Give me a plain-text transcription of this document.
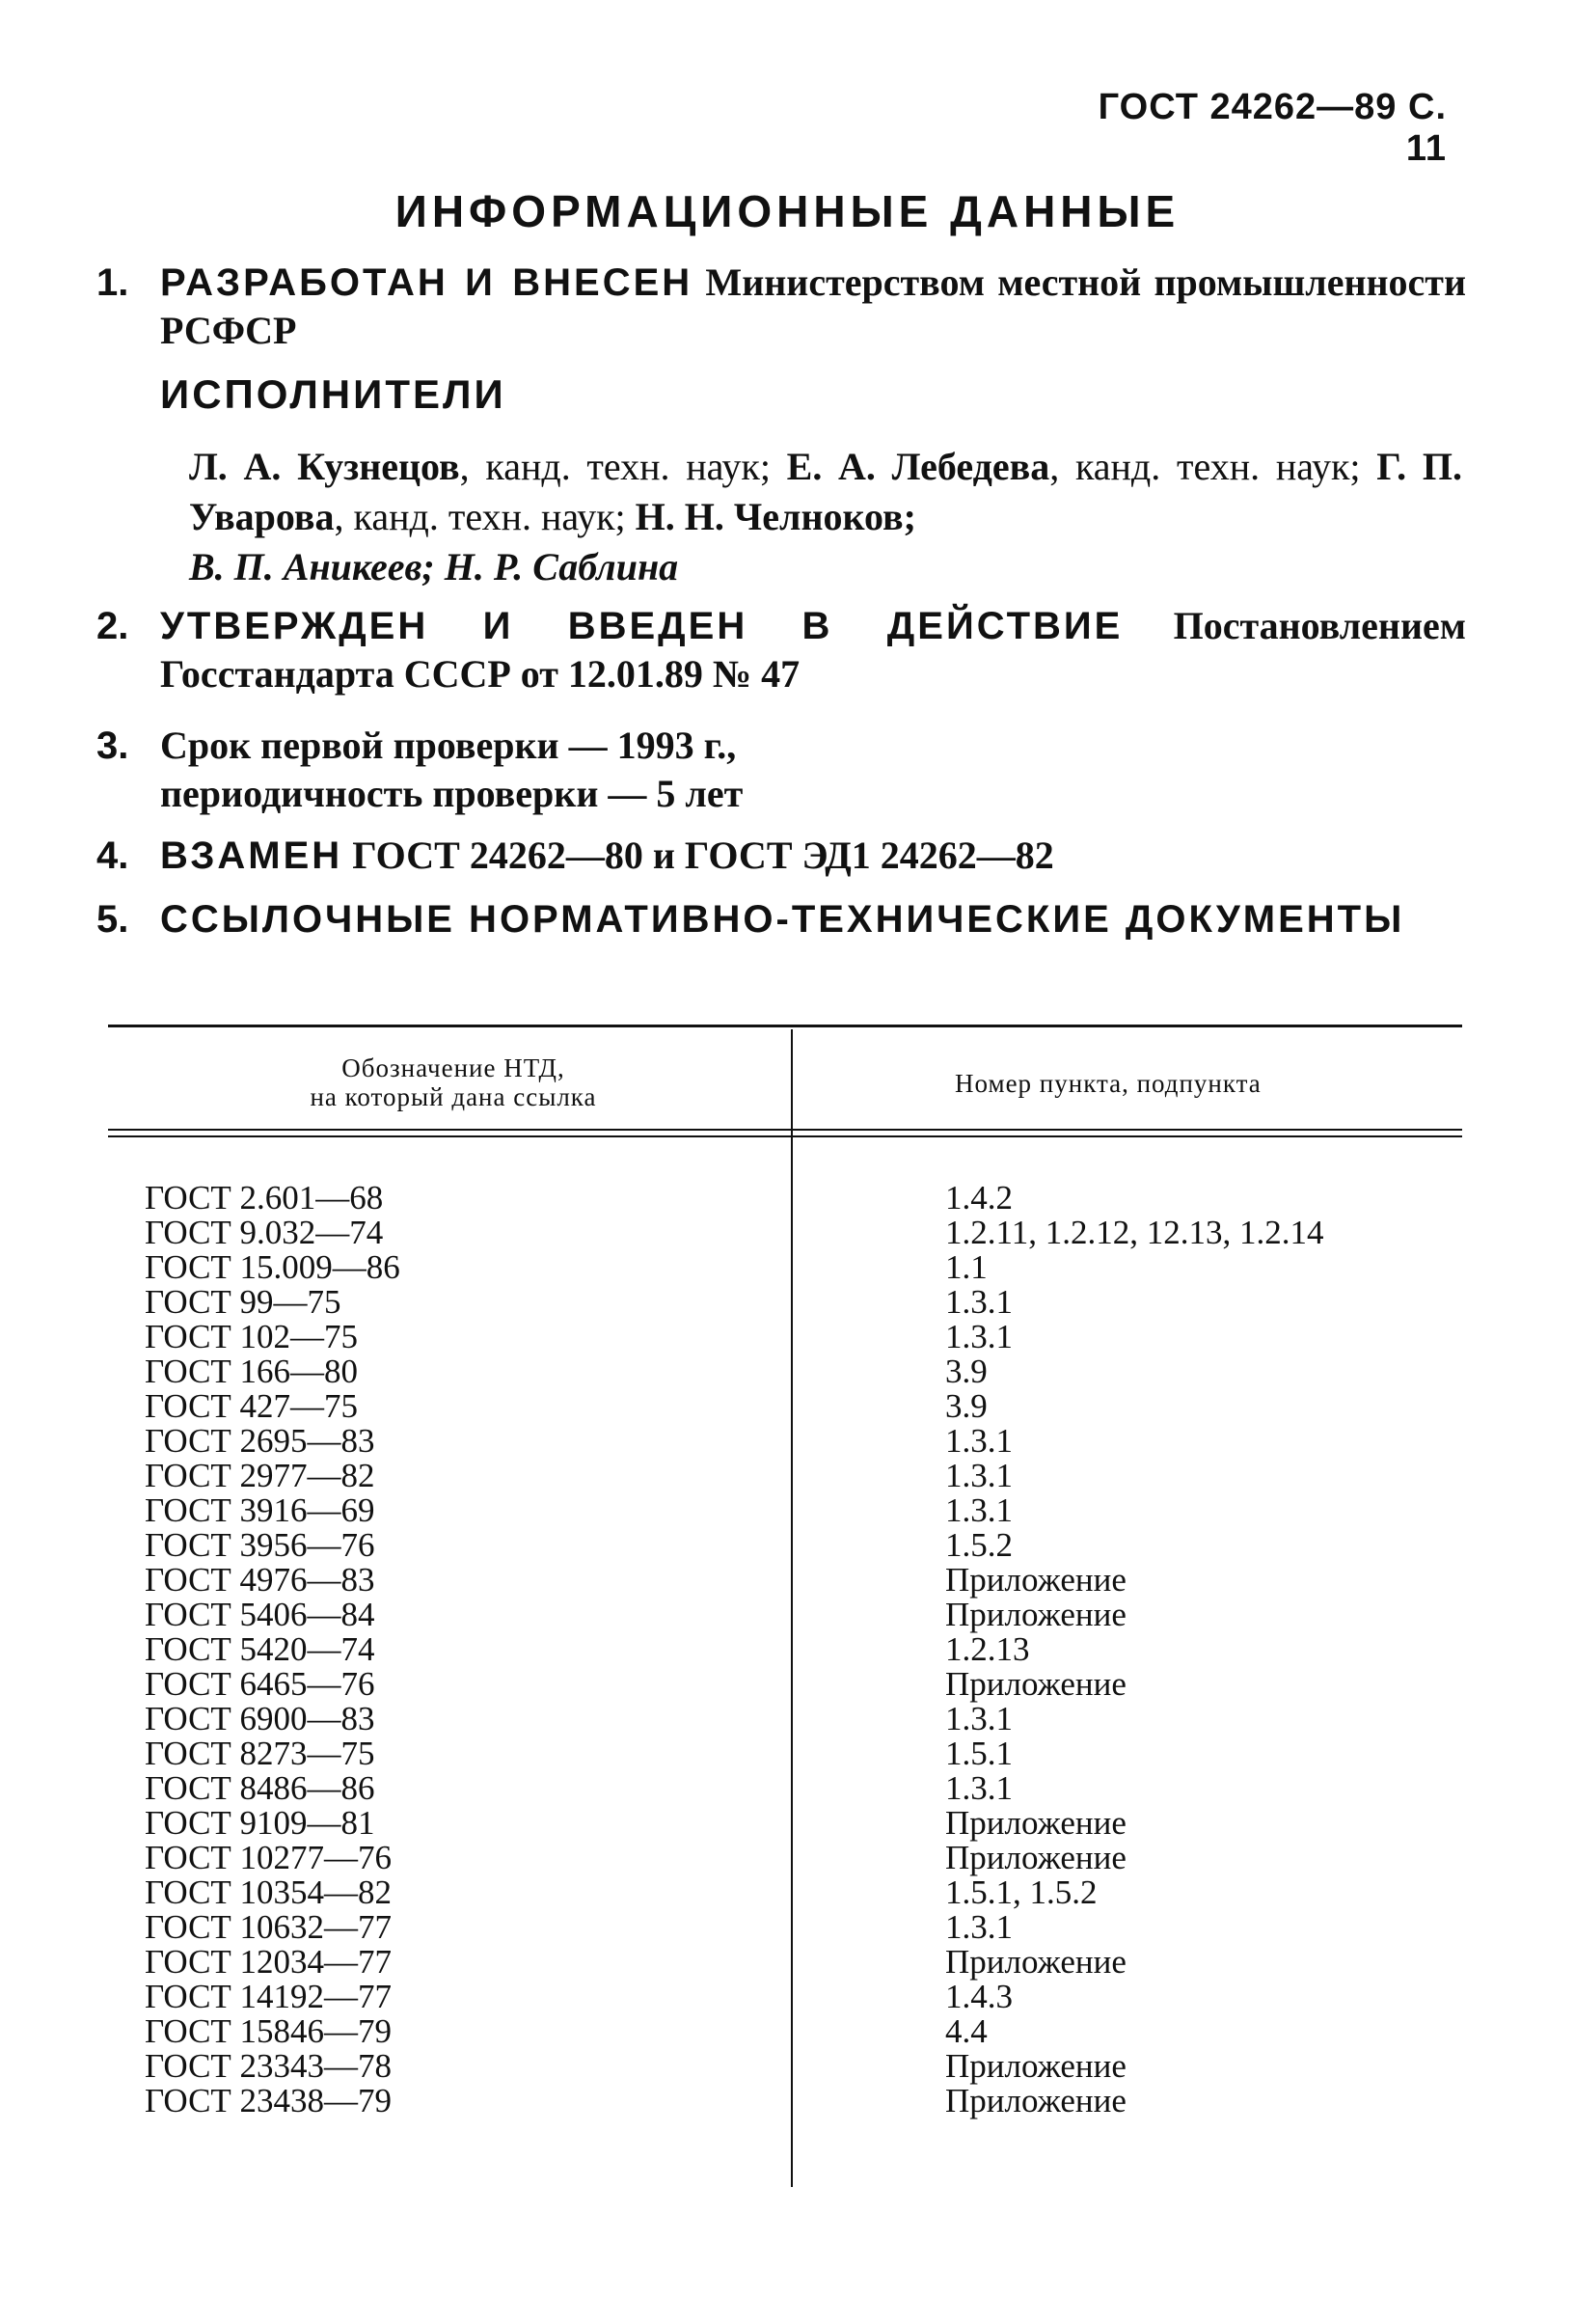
ГОСТ 24262—89 С. 11
ИНФОРМАЦИОННЫЕ ДАННЫЕ
1. РАЗРАБОТАН И ВНЕСЕН Министерством местной промышленности РСФСР
ИСПОЛНИТЕЛИ
Л. А. Кузнецов, канд. техн. наук; Е. А. Лебедева, канд. техн. наук; Г. П. Уварова, канд. техн. наук; Н. Н. Челноков;
В. П. Аникеев; Н. Р. Саблина
2. УТВЕРЖДЕН И ВВЕДЕН В ДЕЙСТВИЕ Постановлением Госстандарта СССР от 12.01.89 № 47
3. Срок первой проверки — 1993 г.,
периодичность проверки — 5 лет
4. ВЗАМЕН ГОСТ 24262—80 и ГОСТ ЭД1 24262—82
5. ССЫЛОЧНЫЕ НОРМАТИВНО-ТЕХНИЧЕСКИЕ ДОКУМЕНТЫ
Обозначение НТД,
на который дана ссылка	Номер пункта, подпункта
ГОСТ 2.601—68
ГОСТ 9.032—74
ГОСТ 15.009—86
ГОСТ 99—75
ГОСТ 102—75
ГОСТ 166—80
ГОСТ 427—75
ГОСТ 2695—83
ГОСТ 2977—82
ГОСТ 3916—69
ГОСТ 3956—76
ГОСТ 4976—83
ГОСТ 5406—84
ГОСТ 5420—74
ГОСТ 6465—76
ГОСТ 6900—83
ГОСТ 8273—75
ГОСТ 8486—86
ГОСТ 9109—81
ГОСТ 10277—76
ГОСТ 10354—82
ГОСТ 10632—77
ГОСТ 12034—77
ГОСТ 14192—77
ГОСТ 15846—79
ГОСТ 23343—78
ГОСТ 23438—79
1.4.2
1.2.11, 1.2.12, 12.13, 1.2.14
1.1
1.3.1
1.3.1
3.9
3.9
1.3.1
1.3.1
1.3.1
1.5.2
Приложение
Приложение
1.2.13
Приложение
1.3.1
1.5.1
1.3.1
Приложение
Приложение
1.5.1, 1.5.2
1.3.1
Приложение
1.4.3
4.4
Приложение
Приложение
